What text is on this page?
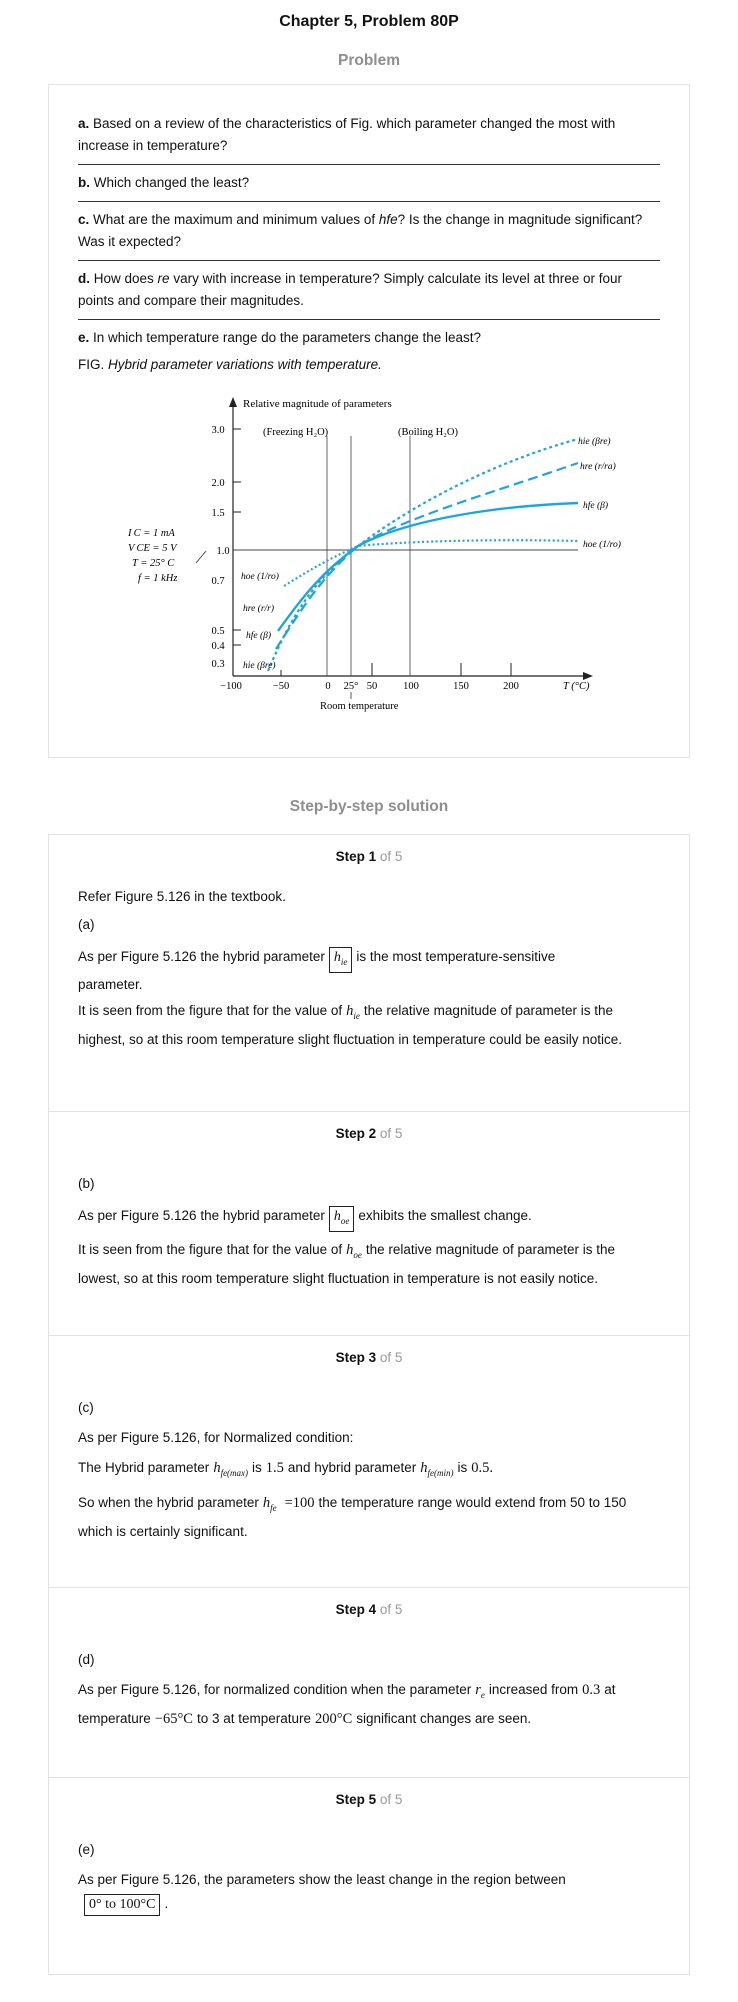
Chapter 5, Problem 80P
Problem
a. Based on a review of the characteristics of Fig. which parameter changed the most with increase in temperature?
b. Which changed the least?
c. What are the maximum and minimum values of hfe? Is the change in magnitude significant? Was it expected?
d. How does re vary with increase in temperature? Simply calculate its level at three or four points and compare their magnitudes.
e. In which temperature range do the parameters change the least?
FIG. Hybrid parameter variations with temperature.
Relative magnitude of parameters
3.0
2.0
1.5
1.0
0.7
0.5
0.4
0.3
I C = 1 mA
V CE = 5 V
T = 25° C
f = 1 kHz
(Freezing H₂O)	(Boiling H₂O)
hie (βre)
hre (r/ra)
hfe (β)
hoe (1/ro)
hoe (1/ro)
hre (r/r)
hfe (β)
hie (βre)
−100	−50	0 25° 50 100	150	200	T (°C)
Room temperature
Step-by-step solution
Step 1 of 5
Refer Figure 5.126 in the textbook.
(a)
As per Figure 5.126 the hybrid parameter $h_{ie}$ is the most temperature-sensitive
parameter.
It is seen from the figure that for the value of $h_{ie}$ the relative magnitude of parameter is the highest, so at this room temperature slight fluctuation in temperature could be easily notice.
Step 2 of 5
(b)
As per Figure 5.126 the hybrid parameter $h_{oe}$ exhibits the smallest change.
It is seen from the figure that for the value of $h_{oe}$ the relative magnitude of parameter is the lowest, so at this room temperature slight fluctuation in temperature is not easily notice.
Step 3 of 5
(c)
As per Figure 5.126, for Normalized condition:
The Hybrid parameter $h_{fe(max)}$ is 1.5 and hybrid parameter $h_{fe(min)}$ is 0.5.
So when the hybrid parameter $h_{fe} =100$ the temperature range would extend from 50 to 150 which is certainly significant.
Step 4 of 5
(d)
As per Figure 5.126, for normalized condition when the parameter $r_e$ increased from 0.3 at temperature −65°C to 3 at temperature 200°C significant changes are seen.
Step 5 of 5
(e)
As per Figure 5.126, the parameters show the least change in the region between
0° to 100°C .
